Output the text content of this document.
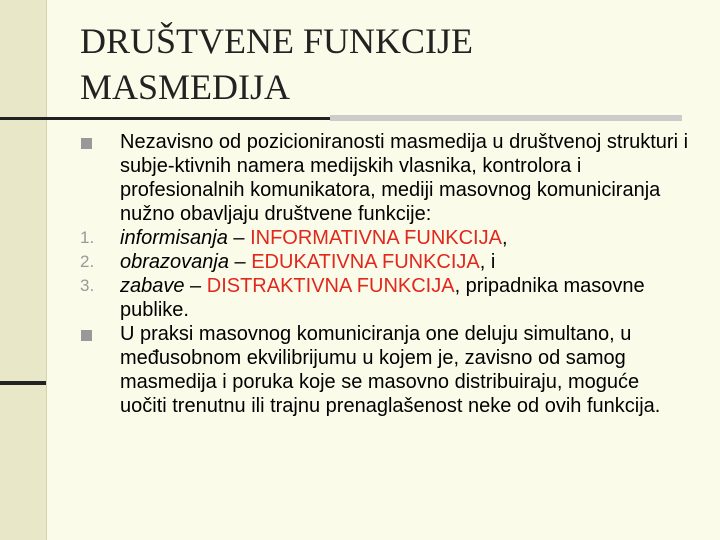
DRUŠTVENE FUNKCIJE
MASMEDIJA
Nezavisno od pozicioniranosti masmedija u društvenoj strukturi i subje-ktivnih namera medijskih vlasnika, kontrolora i profesionalnih komunikatora, mediji masovnog komuniciranja nužno obavljaju društvene funkcije:
1.	informisanja – INFORMATIVNA FUNKCIJA,
2.	obrazovanja – EDUKATIVNA FUNKCIJA, i
3.	zabave – DISTRAKTIVNA FUNKCIJA, pripadnika masovne publike.
U praksi masovnog komuniciranja one deluju simultano, u međusobnom ekvilibrijumu u kojem je, zavisno od samog masmedija i poruka koje se masovno distribuiraju, moguće uočiti trenutnu ili trajnu prenaglašenost neke od ovih funkcija.
